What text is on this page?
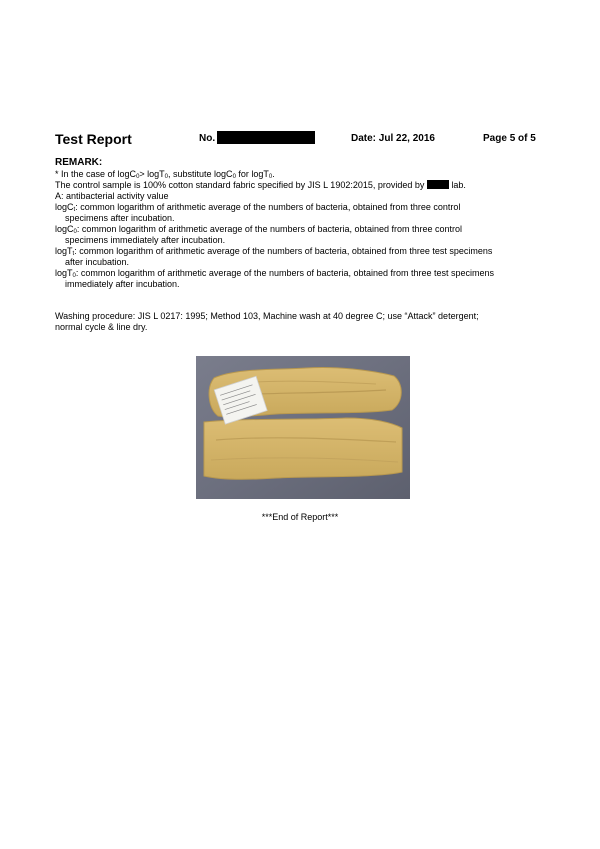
Test Report	No.	Date: Jul 22, 2016	Page 5 of 5
REMARK:
* In the case of logC$_0$> logT$_0$, substitute logC$_0$ for logT$_0$.
The control sample is 100% cotton standard fabric specified by JIS L 1902:2015, provided by  lab.
A: antibacterial activity value
logC$_t$: common logarithm of arithmetic average of the numbers of bacteria, obtained from three control
specimens after incubation.
logC$_0$: common logarithm of arithmetic average of the numbers of bacteria, obtained from three control
specimens immediately after incubation.
logT$_t$: common logarithm of arithmetic average of the numbers of bacteria, obtained from three test specimens
after incubation.
logT$_0$: common logarithm of arithmetic average of the numbers of bacteria, obtained from three test specimens
immediately after incubation.
Washing procedure: JIS L 0217: 1995; Method 103, Machine wash at 40 degree C; use “Attack” detergent;
normal cycle & line dry.
***End of Report***
